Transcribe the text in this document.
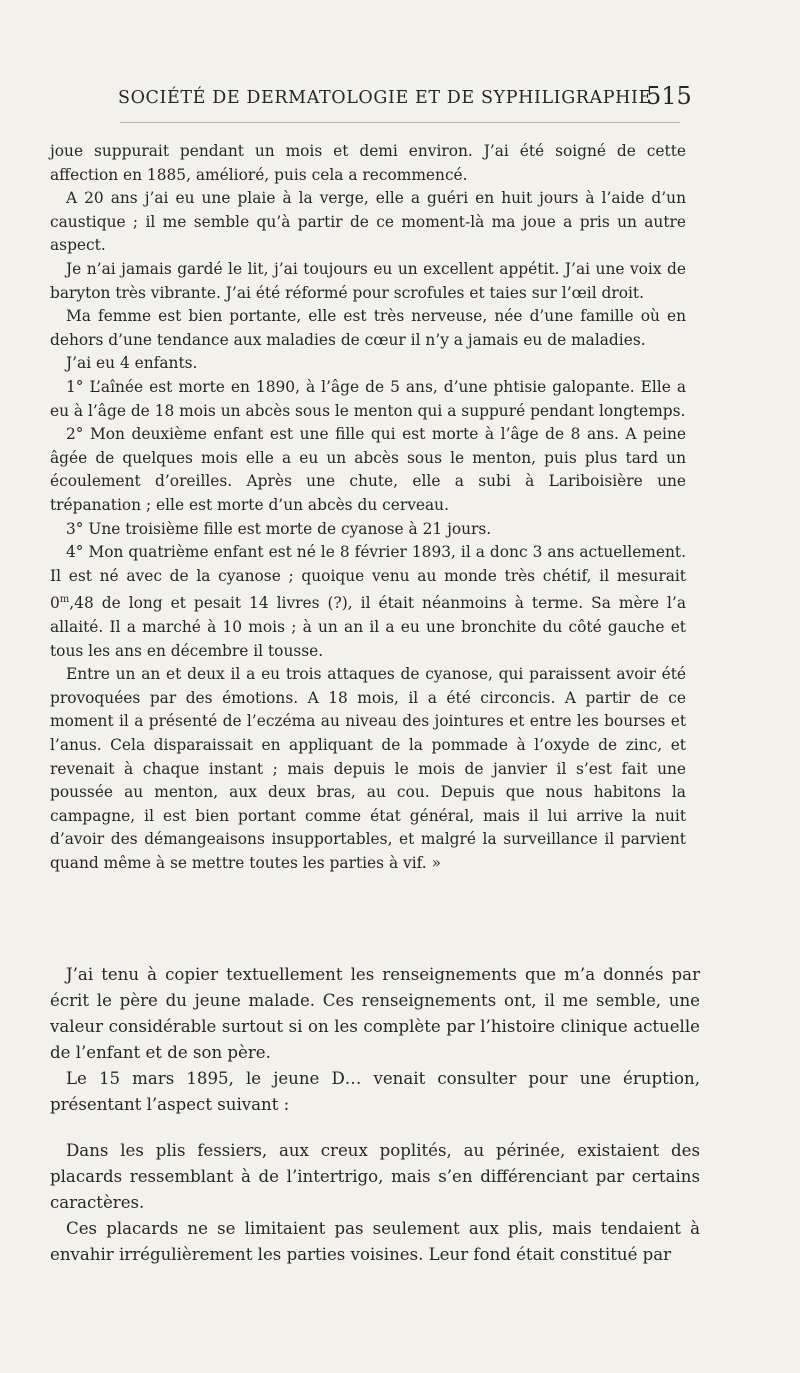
SOCIÉTÉ DE DERMATOLOGIE ET DE SYPHILIGRAPHIE
515

joue suppurait pendant un mois et demi environ. J’ai été soigné de cette affection en 1885, amélioré, puis cela a recommencé.

A 20 ans j’ai eu une plaie à la verge, elle a guéri en huit jours à l’aide d’un caustique ; il me semble qu’à partir de ce moment-là ma joue a pris un autre aspect.

Je n’ai jamais gardé le lit, j’ai toujours eu un excellent appétit. J’ai une voix de baryton très vibrante. J’ai été réformé pour scrofules et taies sur l’œil droit.

Ma femme est bien portante, elle est très nerveuse, née d’une famille où en dehors d’une tendance aux maladies de cœur il n’y a jamais eu de maladies.

J’ai eu 4 enfants.

1° L’aînée est morte en 1890, à l’âge de 5 ans, d’une phtisie galopante. Elle a eu à l’âge de 18 mois un abcès sous le menton qui a suppuré pendant longtemps.

2° Mon deuxième enfant est une fille qui est morte à l’âge de 8 ans. A peine âgée de quelques mois elle a eu un abcès sous le menton, puis plus tard un écoulement d’oreilles. Après une chute, elle a subi à Lariboisière une trépanation ; elle est morte d’un abcès du cerveau.

3° Une troisième fille est morte de cyanose à 21 jours.

4° Mon quatrième enfant est né le 8 février 1893, il a donc 3 ans actuellement. Il est né avec de la cyanose ; quoique venu au monde très chétif, il mesurait 0$^m$,48 de long et pesait 14 livres (?), il était néanmoins à terme. Sa mère l’a allaité. Il a marché à 10 mois ; à un an il a eu une bronchite du côté gauche et tous les ans en décembre il tousse.

Entre un an et deux il a eu trois attaques de cyanose, qui paraissent avoir été provoquées par des émotions. A 18 mois, il a été circoncis. A partir de ce moment il a présenté de l’eczéma au niveau des jointures et entre les bourses et l’anus. Cela disparaissait en appliquant de la pommade à l’oxyde de zinc, et revenait à chaque instant ; mais depuis le mois de janvier il s’est fait une poussée au menton, aux deux bras, au cou. Depuis que nous habitons la campagne, il est bien portant comme état général, mais il lui arrive la nuit d’avoir des démangeaisons insupportables, et malgré la surveillance il parvient quand même à se mettre toutes les parties à vif. »

J’ai tenu à copier textuellement les renseignements que m’a donnés par écrit le père du jeune malade. Ces renseignements ont, il me semble, une valeur considérable surtout si on les complète par l’histoire clinique actuelle de l’enfant et de son père.

Le 15 mars 1895, le jeune D… venait consulter pour une éruption, présentant l’aspect suivant :

Dans les plis fessiers, aux creux poplités, au périnée, existaient des placards ressemblant à de l’intertrigo, mais s’en différenciant par certains caractères.

Ces placards ne se limitaient pas seulement aux plis, mais tendaient à envahir irrégulièrement les parties voisines. Leur fond était constitué par
